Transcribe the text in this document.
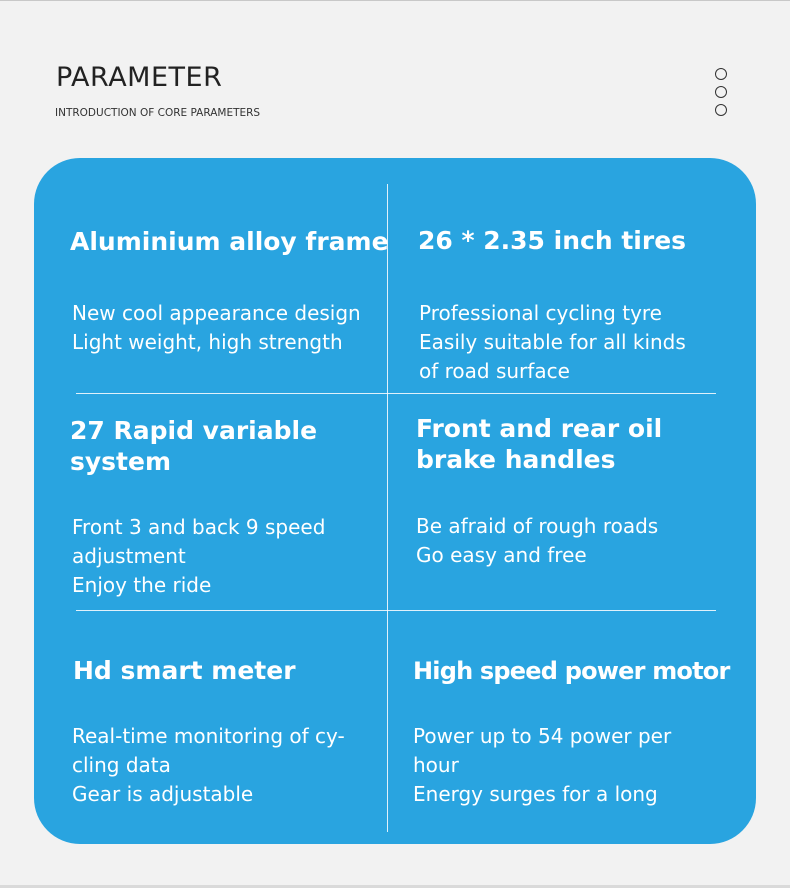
PARAMETER
INTRODUCTION OF CORE PARAMETERS
Aluminium alloy frame
New cool appearance design
Light weight, high strength
26 * 2.35 inch tires
Professional cycling tyre
Easily suitable for all kinds
of road surface
27 Rapid variable
system
Front 3 and back 9 speed
adjustment
Enjoy the ride
Front and rear oil
brake handles
Be afraid of rough roads
Go easy and free
Hd smart meter
Real-time monitoring of cy-
cling data
Gear is adjustable
High speed power motor
Power up to 54 power per
hour
Energy surges for a long
